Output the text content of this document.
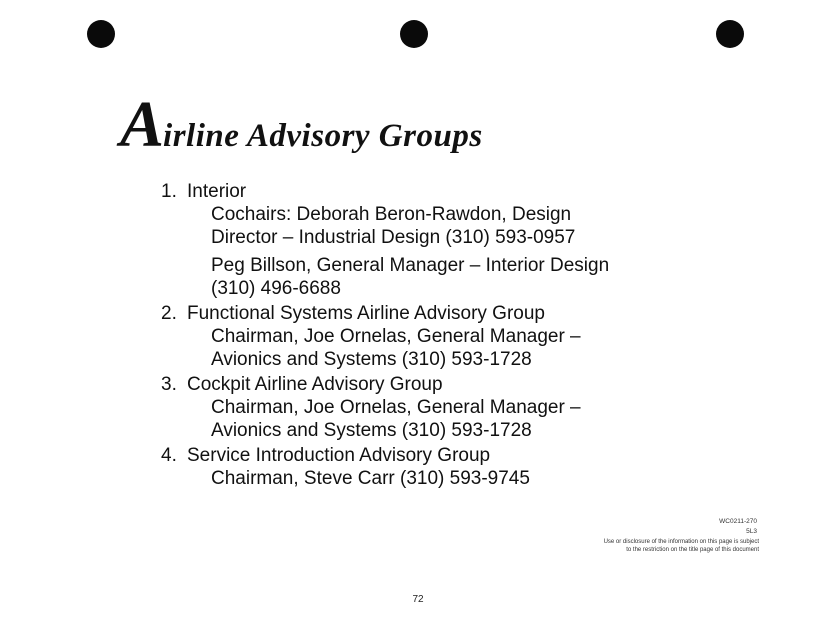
Airline Advisory Groups
1. Interior
Cochairs: Deborah Beron-Rawdon, Design
Director – Industrial Design (310) 593-0957
Peg Billson, General Manager – Interior Design
(310) 496-6688
2. Functional Systems Airline Advisory Group
Chairman, Joe Ornelas, General Manager –
Avionics and Systems (310) 593-1728
3. Cockpit Airline Advisory Group
Chairman, Joe Ornelas, General Manager –
Avionics and Systems (310) 593-1728
4. Service Introduction Advisory Group
Chairman, Steve Carr (310) 593-9745
WC0211-270
5L3
Use or disclosure of the information on this page is subject
to the restriction on the title page of this document
72
